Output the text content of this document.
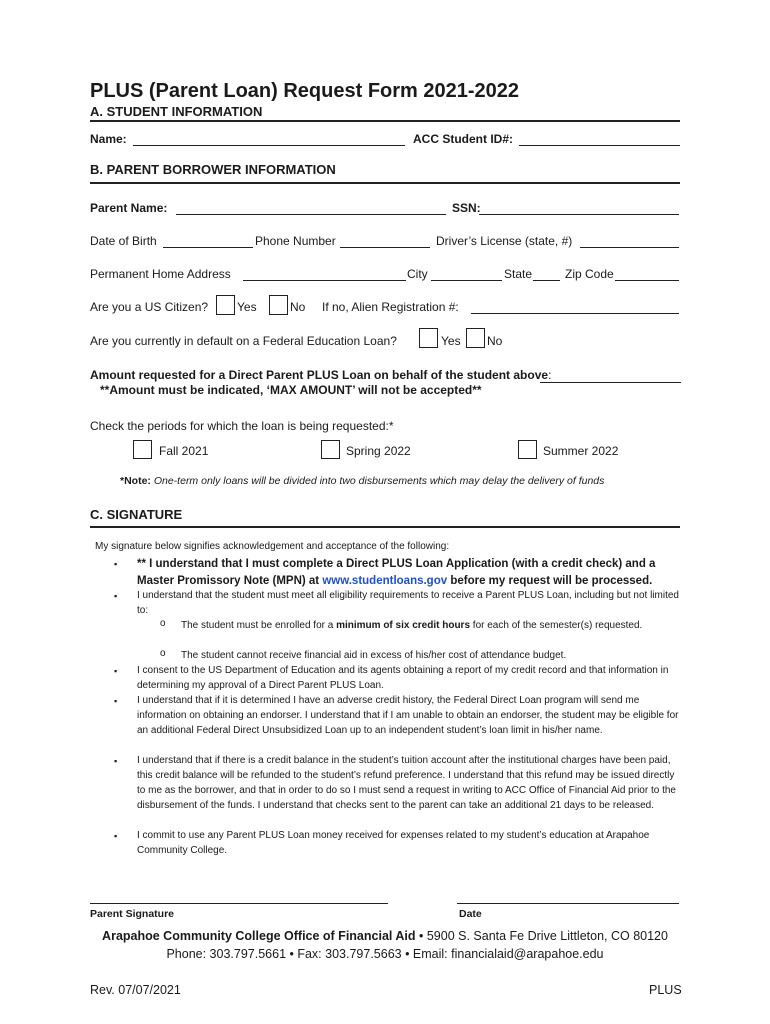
PLUS (Parent Loan) Request Form 2021-2022
A. STUDENT INFORMATION
Name:	ACC Student ID#:
B. PARENT BORROWER INFORMATION
Parent Name:	SSN:
Date of Birth	Phone Number	Driver’s License (state, #)
Permanent Home Address	City	State	Zip Code
Are you a US Citizen? Yes	No If no, Alien Registration #:
Are you currently in default on a Federal Education Loan?	Yes No
Amount requested for a Direct Parent PLUS Loan on behalf of the student above:
**Amount must be indicated, ‘MAX AMOUNT’ will not be accepted**
Check the periods for which the loan is being requested:*
Fall 2021	Spring 2022	Summer 2022
*Note: One-term only loans will be divided into two disbursements which may delay the delivery of funds
C. SIGNATURE
My signature below signifies acknowledgement and acceptance of the following:
▪ ** I understand that I must complete a Direct PLUS Loan Application (with a credit check) and a Master Promissory Note (MPN) at www.studentloans.gov before my request will be processed.
▪ I understand that the student must meet all eligibility requirements to receive a Parent PLUS Loan, including but not limited to:
o The student must be enrolled for a minimum of six credit hours for each of the semester(s) requested.
o The student cannot receive financial aid in excess of his/her cost of attendance budget.
▪ I consent to the US Department of Education and its agents obtaining a report of my credit record and that information in determining my approval of a Direct Parent PLUS Loan.
▪ I understand that if it is determined I have an adverse credit history, the Federal Direct Loan program will send me information on obtaining an endorser. I understand that if I am unable to obtain an endorser, the student may be eligible for an additional Federal Direct Unsubsidized Loan up to an independent student’s loan limit in his/her name.
▪ I understand that if there is a credit balance in the student’s tuition account after the institutional charges have been paid, this credit balance will be refunded to the student’s refund preference. I understand that this refund may be issued directly to me as the borrower, and that in order to do so I must send a request in writing to ACC Office of Financial Aid prior to the disbursement of the funds. I understand that checks sent to the parent can take an additional 21 days to be released.
▪ I commit to use any Parent PLUS Loan money received for expenses related to my student’s education at Arapahoe Community College.
Parent Signature	Date
Arapahoe Community College Office of Financial Aid • 5900 S. Santa Fe Drive Littleton, CO 80120
Phone: 303.797.5661 • Fax: 303.797.5663 • Email: financialaid@arapahoe.edu
Rev. 07/07/2021	PLUS
